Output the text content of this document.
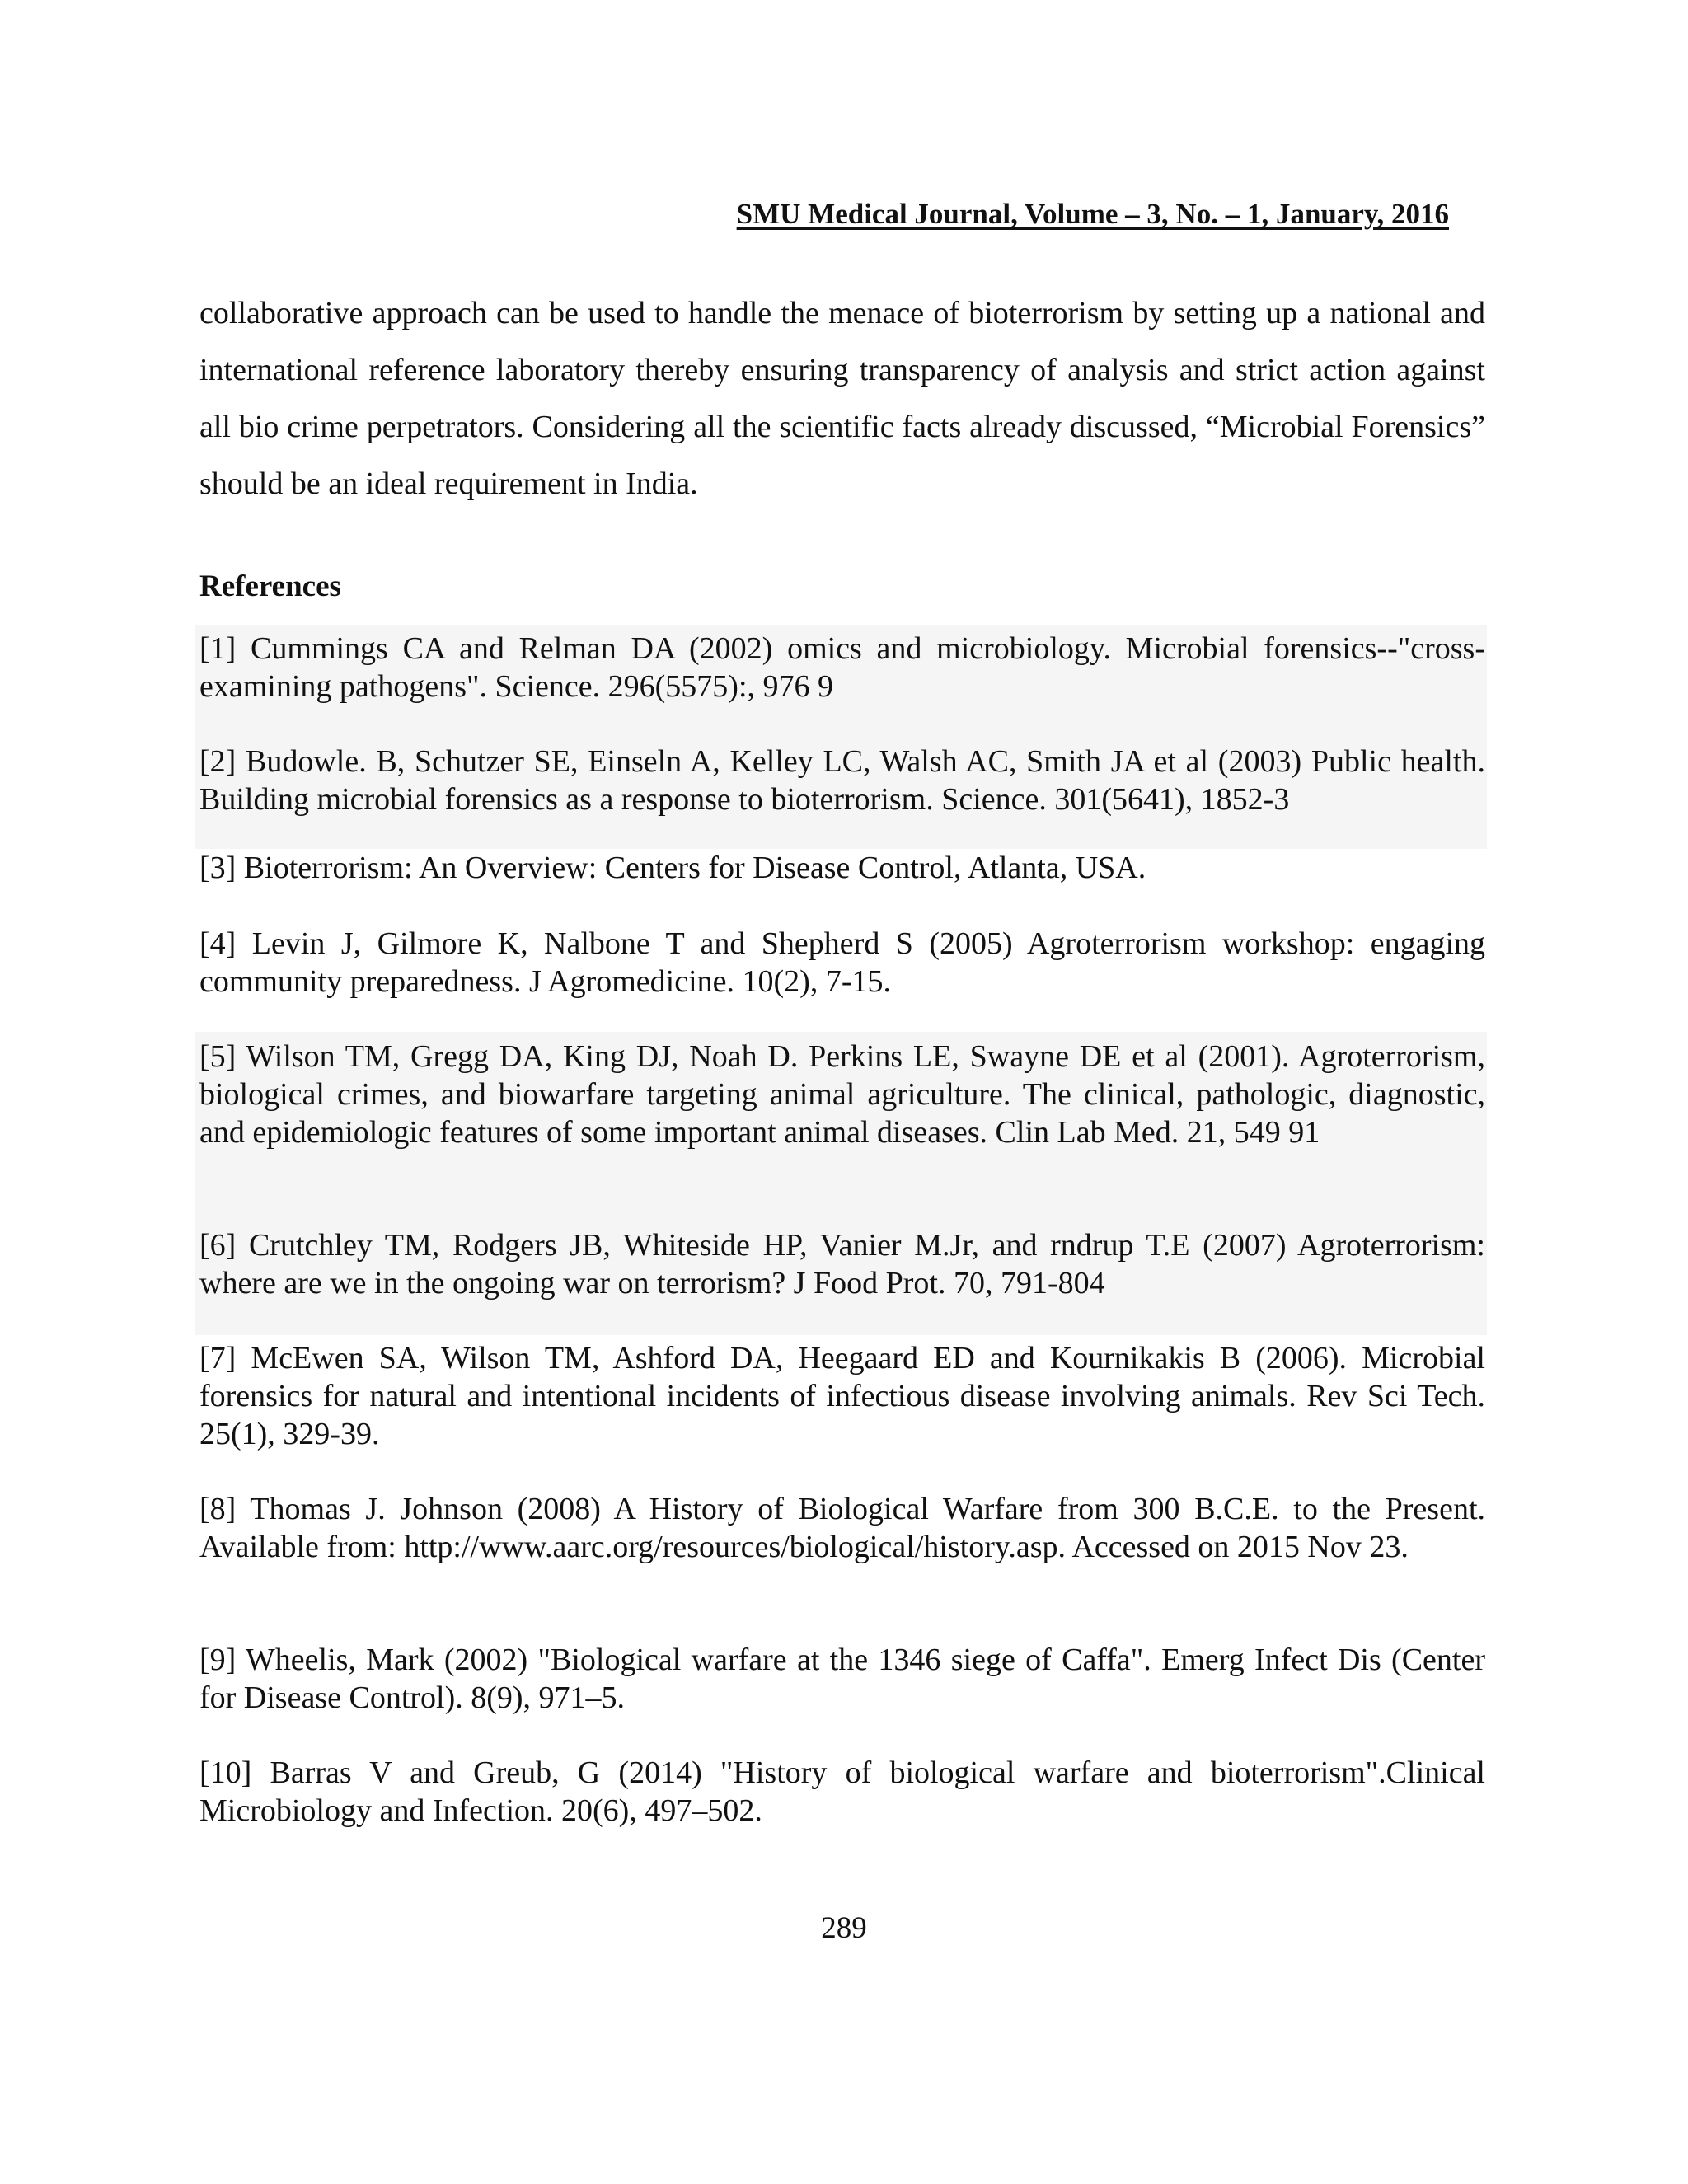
SMU Medical Journal, Volume – 3, No. – 1, January, 2016

collaborative approach can be used to handle the menace of bioterrorism by setting up a national and international reference laboratory thereby ensuring transparency of analysis and strict action against all bio crime perpetrators. Considering all the scientific facts already discussed, “Microbial Forensics” should be an ideal requirement in India.

References

[1] Cummings CA and Relman DA (2002) omics and microbiology. Microbial forensics--"cross-examining pathogens". Science. 296(5575):, 976 9

[2] Budowle. B, Schutzer SE, Einseln A, Kelley LC, Walsh AC, Smith JA et al (2003) Public health. Building microbial forensics as a response to bioterrorism. Science. 301(5641), 1852-3

[3] Bioterrorism: An Overview: Centers for Disease Control, Atlanta, USA.

[4] Levin J, Gilmore K, Nalbone T and Shepherd S (2005) Agroterrorism workshop: engaging community preparedness. J Agromedicine. 10(2), 7-15.

[5] Wilson TM, Gregg DA, King DJ, Noah D. Perkins LE, Swayne DE et al (2001). Agroterrorism, biological crimes, and biowarfare targeting animal agriculture. The clinical, pathologic, diagnostic, and epidemiologic features of some important animal diseases. Clin Lab Med. 21, 549 91

[6] Crutchley TM, Rodgers JB, Whiteside HP, Vanier M.Jr, and rndrup T.E (2007) Agroterrorism: where are we in the ongoing war on terrorism? J Food Prot. 70, 791-804

[7] McEwen SA, Wilson TM, Ashford DA, Heegaard ED and Kournikakis B (2006). Microbial forensics for natural and intentional incidents of infectious disease involving animals. Rev Sci Tech. 25(1), 329-39.

[8] Thomas J. Johnson (2008) A History of Biological Warfare from 300 B.C.E. to the Present. Available from: http://www.aarc.org/resources/biological/history.asp. Accessed on 2015 Nov 23.

[9] Wheelis, Mark (2002) "Biological warfare at the 1346 siege of Caffa". Emerg Infect Dis (Center for Disease Control). 8(9), 971–5.

[10] Barras V and Greub, G (2014) "History of biological warfare and bioterrorism".Clinical Microbiology and Infection. 20(6), 497–502.

289
